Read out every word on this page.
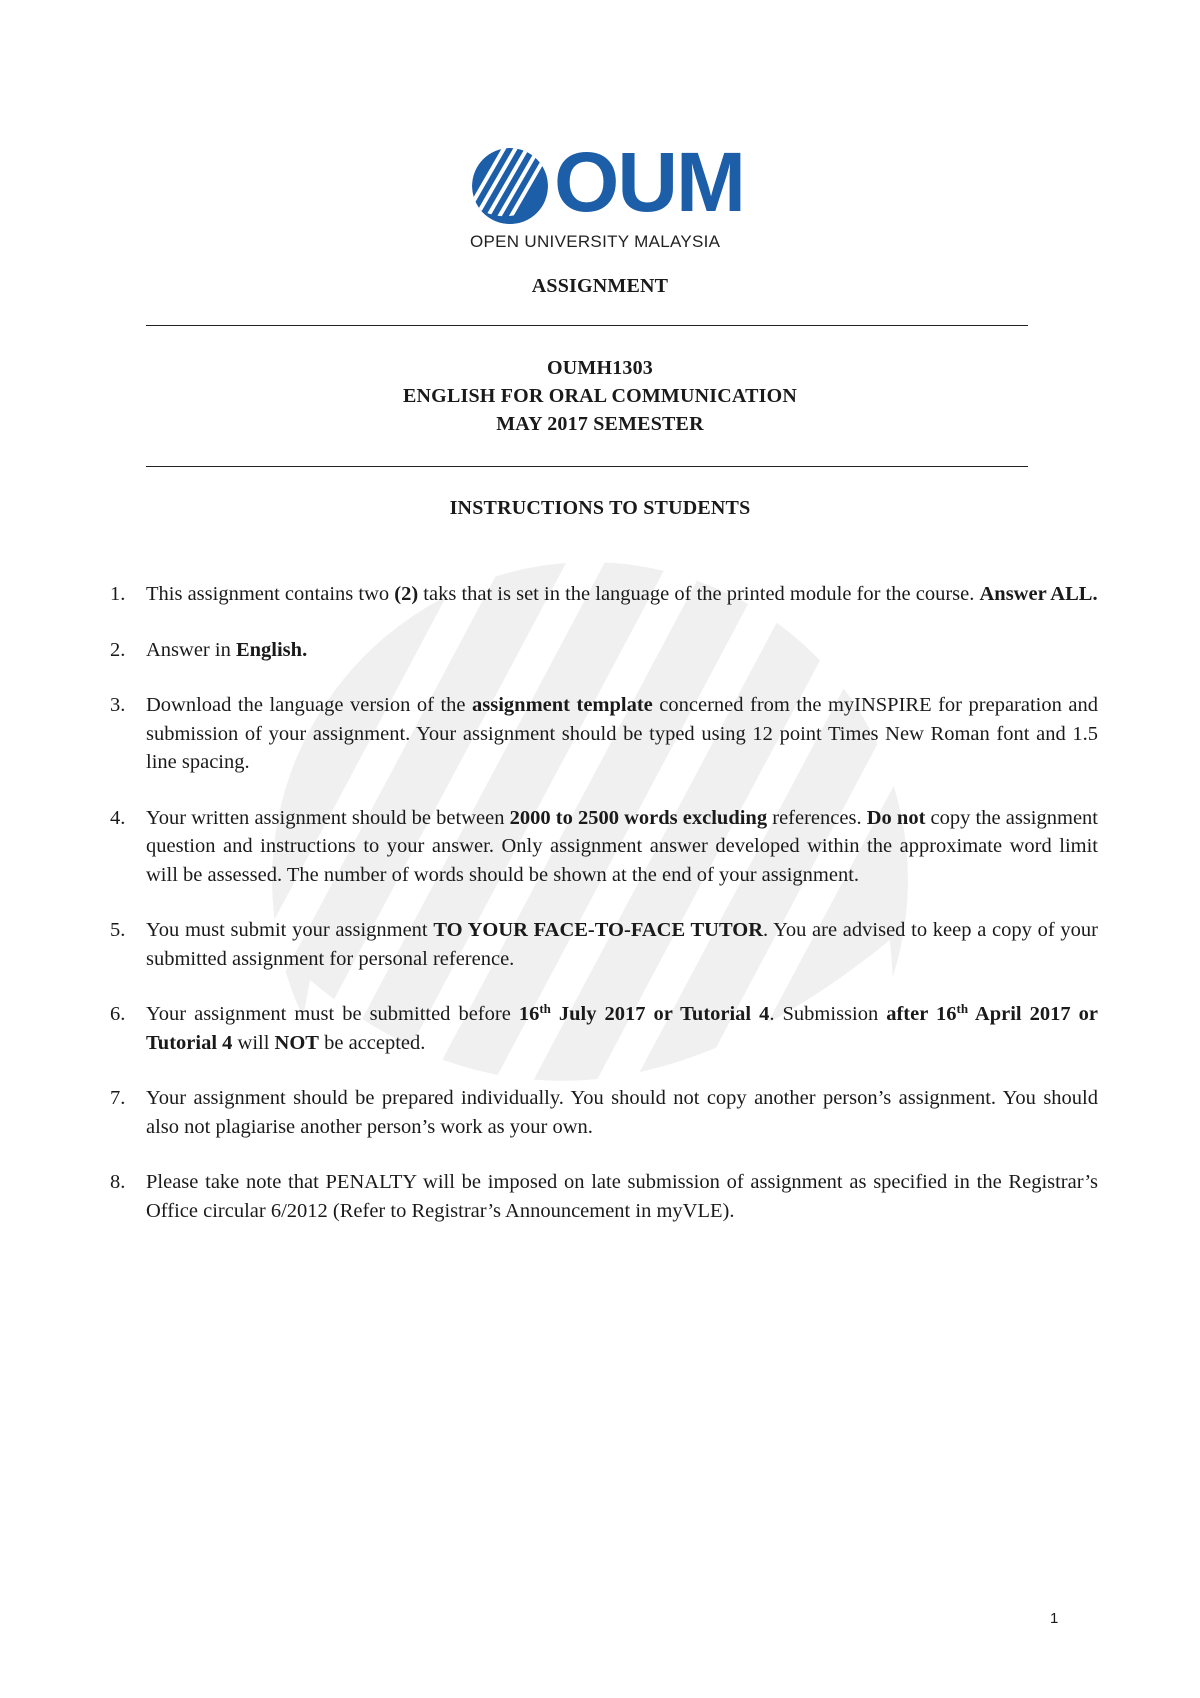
OUM
OPEN UNIVERSITY MALAYSIA
ASSIGNMENT
OUMH1303
ENGLISH FOR ORAL COMMUNICATION
MAY 2017 SEMESTER
INSTRUCTIONS TO STUDENTS
1. This assignment contains two (2) taks that is set in the language of the printed module for the course. Answer ALL.
2. Answer in English.
3. Download the language version of the assignment template concerned from the myINSPIRE for preparation and submission of your assignment. Your assignment should be typed using 12 point Times New Roman font and 1.5 line spacing.
4. Your written assignment should be between 2000 to 2500 words excluding references. Do not copy the assignment question and instructions to your answer. Only assignment answer developed within the approximate word limit will be assessed. The number of words should be shown at the end of your assignment.
5. You must submit your assignment TO YOUR FACE-TO-FACE TUTOR. You are advised to keep a copy of your submitted assignment for personal reference.
6. Your assignment must be submitted before 16th July 2017 or Tutorial 4. Submission after 16th April 2017 or Tutorial 4 will NOT be accepted.
7. Your assignment should be prepared individually. You should not copy another person’s assignment. You should also not plagiarise another person’s work as your own.
8. Please take note that PENALTY will be imposed on late submission of assignment as specified in the Registrar’s Office circular 6/2012 (Refer to Registrar’s Announcement in myVLE).
1
